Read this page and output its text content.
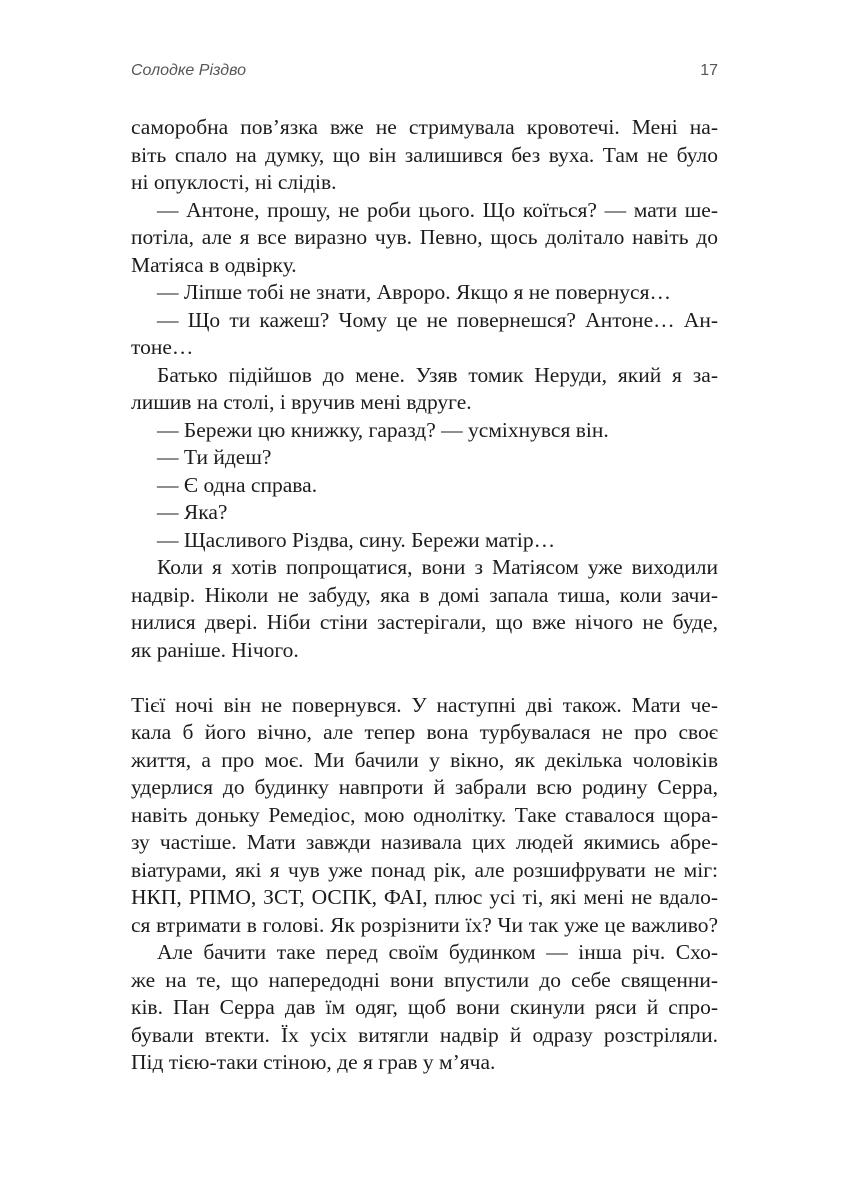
Солодке Різдво	17
саморобна пов’язка вже не стримувала кровотечі. Мені на-
віть спало на думку, що він залишився без вуха. Там не було
ні опуклості, ні слідів.
— Антоне, прошу, не роби цього. Що коїться? — мати ше-
потіла, але я все виразно чув. Певно, щось долітало навіть до
Матіяса в одвірку.
— Ліпше тобі не знати, Авроро. Якщо я не повернуся…
— Що ти кажеш? Чому це не повернешся? Антоне… Ан-
тоне…
Батько підійшов до мене. Узяв томик Неруди, який я за-
лишив на столі, і вручив мені вдруге.
— Бережи цю книжку, гаразд? — усміхнувся він.
— Ти йдеш?
— Є одна справа.
— Яка?
— Щасливого Різдва, сину. Бережи матір…
Коли я хотів попрощатися, вони з Матіясом уже виходили
надвір. Ніколи не забуду, яка в домі запала тиша, коли зачи-
нилися двері. Ніби стіни застерігали, що вже нічого не буде,
як раніше. Нічого.
Тієї ночі він не повернувся. У наступні дві також. Мати че-
кала б його вічно, але тепер вона турбувалася не про своє
життя, а про моє. Ми бачили у вікно, як декілька чоловіків
удерлися до будинку навпроти й забрали всю родину Серра,
навіть доньку Ремедіос, мою однолітку. Таке ставалося щора-
зу частіше. Мати завжди називала цих людей якимись абре-
віатурами, які я чув уже понад рік, але розшифрувати не міг:
НКП, РПМО, ЗСТ, ОСПК, ФАІ, плюс усі ті, які мені не вдало-
ся втримати в голові. Як розрізнити їх? Чи так уже це важливо?
Але бачити таке перед своїм будинком — інша річ. Схо-
же на те, що напередодні вони впустили до себе священни-
ків. Пан Серра дав їм одяг, щоб вони скинули ряси й спро-
бували втекти. Їх усіх витягли надвір й одразу розстріляли.
Під тією-таки стіною, де я грав у м’яча.
